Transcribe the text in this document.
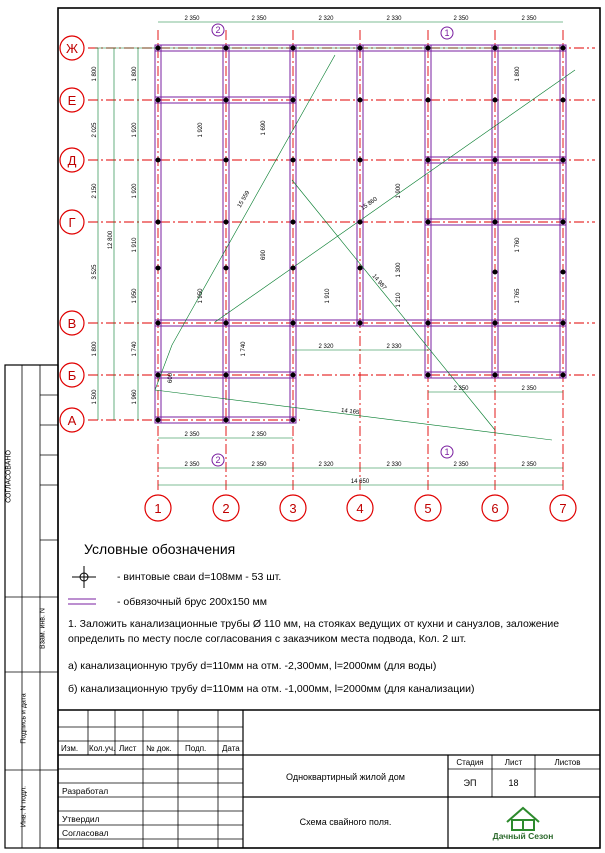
Ж
Е
Д
Г
В
Б
А
1	2	3	4	5	6	7
2
2
1
1
2 350	2 350	2 320	2 330	2 350	2 350
2 350	2 350	2 320	2 330	2 350	2 350
14 650
2 350	2 350
2 320	2 330
2 350	2 350
1 800
2 025
2 150
3 525
1 800
1 500
12 800
1 800
1 920
1 920
1 910
1 950
1 740
1 960
1 690
1 920
1 950
1 760
1 765
1 800
690
1 300
1 900
1 740
1 210
1 910
600
15 559	15 860
14 987
14 165
СОГЛАСОВАНО
Взам. инв. N
Подпись и дата
Инв. N подл.
Условные обозначения
- винтовые сваи d=108мм - 53 шт.
- обвязочный брус 200х150 мм
1. Заложить канализационные трубы Ø 110 мм, на стояках ведущих от кухни и санузлов, заложение определить по месту после согласования с заказчиком места подвода, Кол. 2 шт.
а) канализационную трубу d=110мм на отм. -2,300мм, l=2000мм (для воды)
б) канализационную трубу d=110мм на отм. -1,000мм, l=2000мм (для канализации)
Изм. Кол.уч. Лист № док. Подп. Дата
Разработал
Утвердил
Согласовал
Одноквартирный жилой дом
Схема свайного поля.
Стадия	Лист	Листов
ЭП	18
Дачный Сезон
